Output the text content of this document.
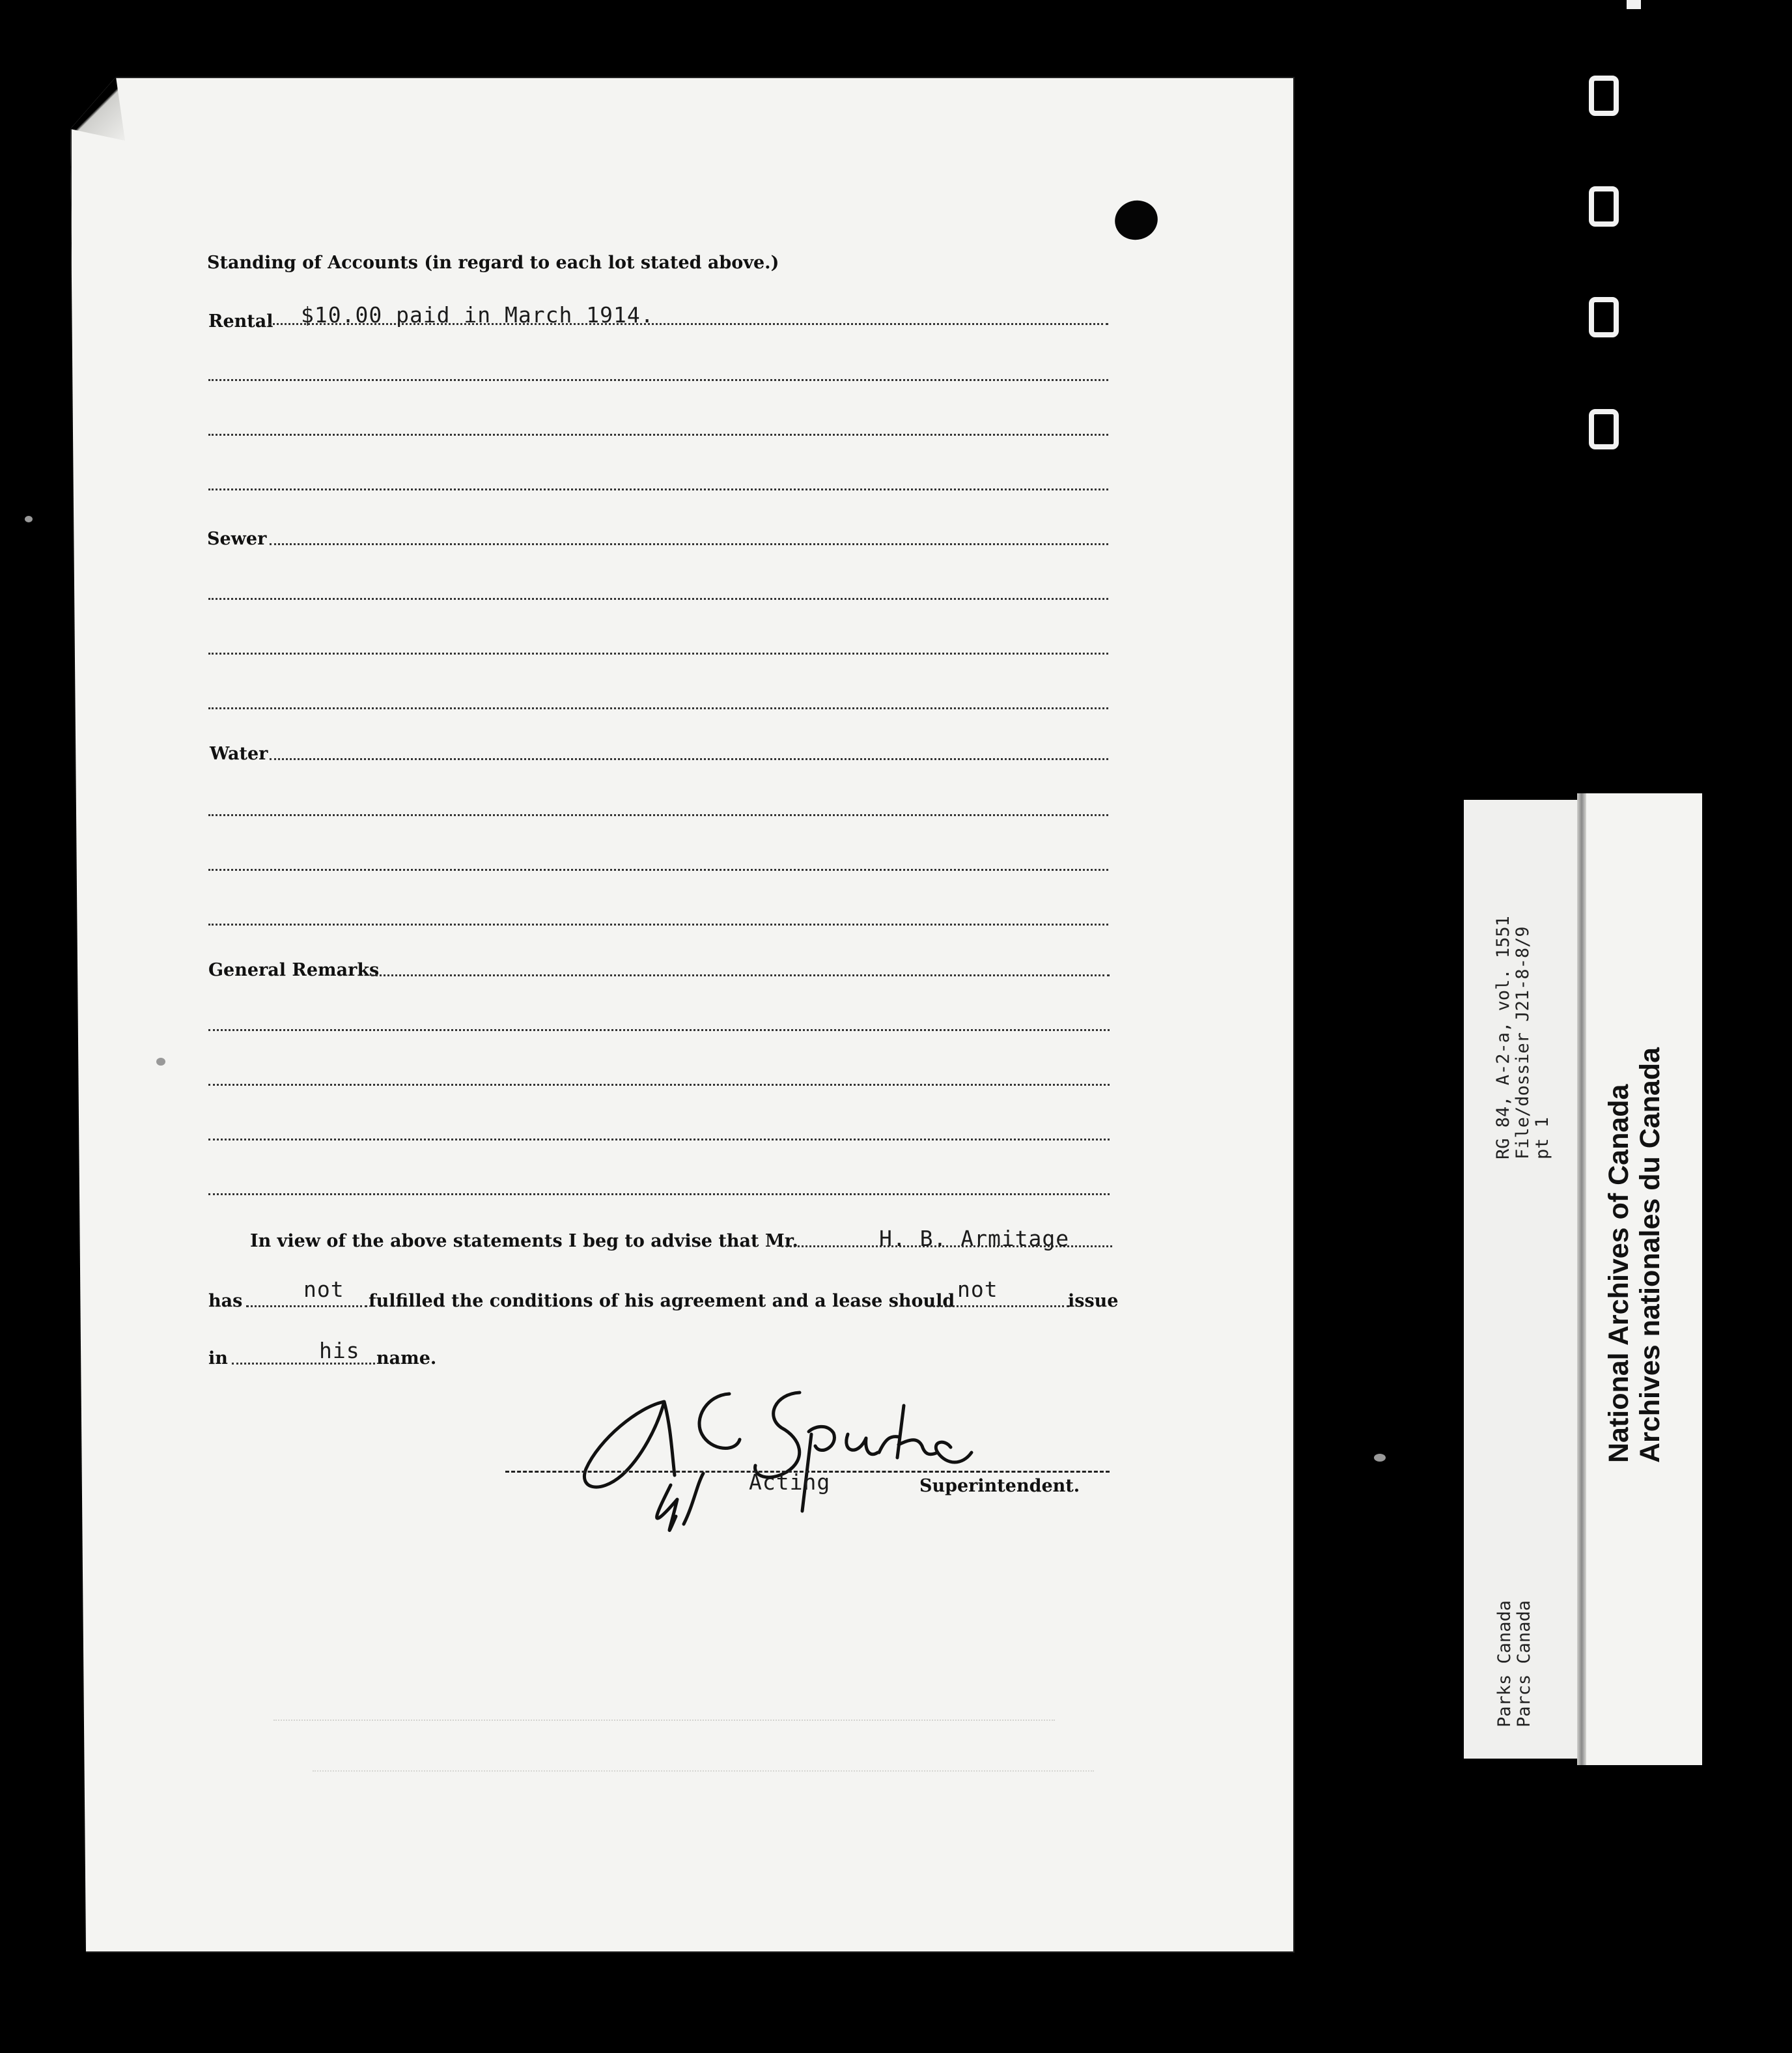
Standing of Accounts (in regard to each lot stated above.)
Rental $10.00 paid in March 1914.
Sewer
Water
General Remarks
In view of the above statements I beg to advise that Mr.	H. B. Armitage
has	not fulfilled the conditions of his agreement and a lease should not	issue
in	his name.
Acting	Superintendent.
RG 84, A-2-a, vol. 1551 File/dossier J21-8-8/9 pt 1
Parks Canada Parcs Canada
National Archives of Canada Archives nationales du Canada
